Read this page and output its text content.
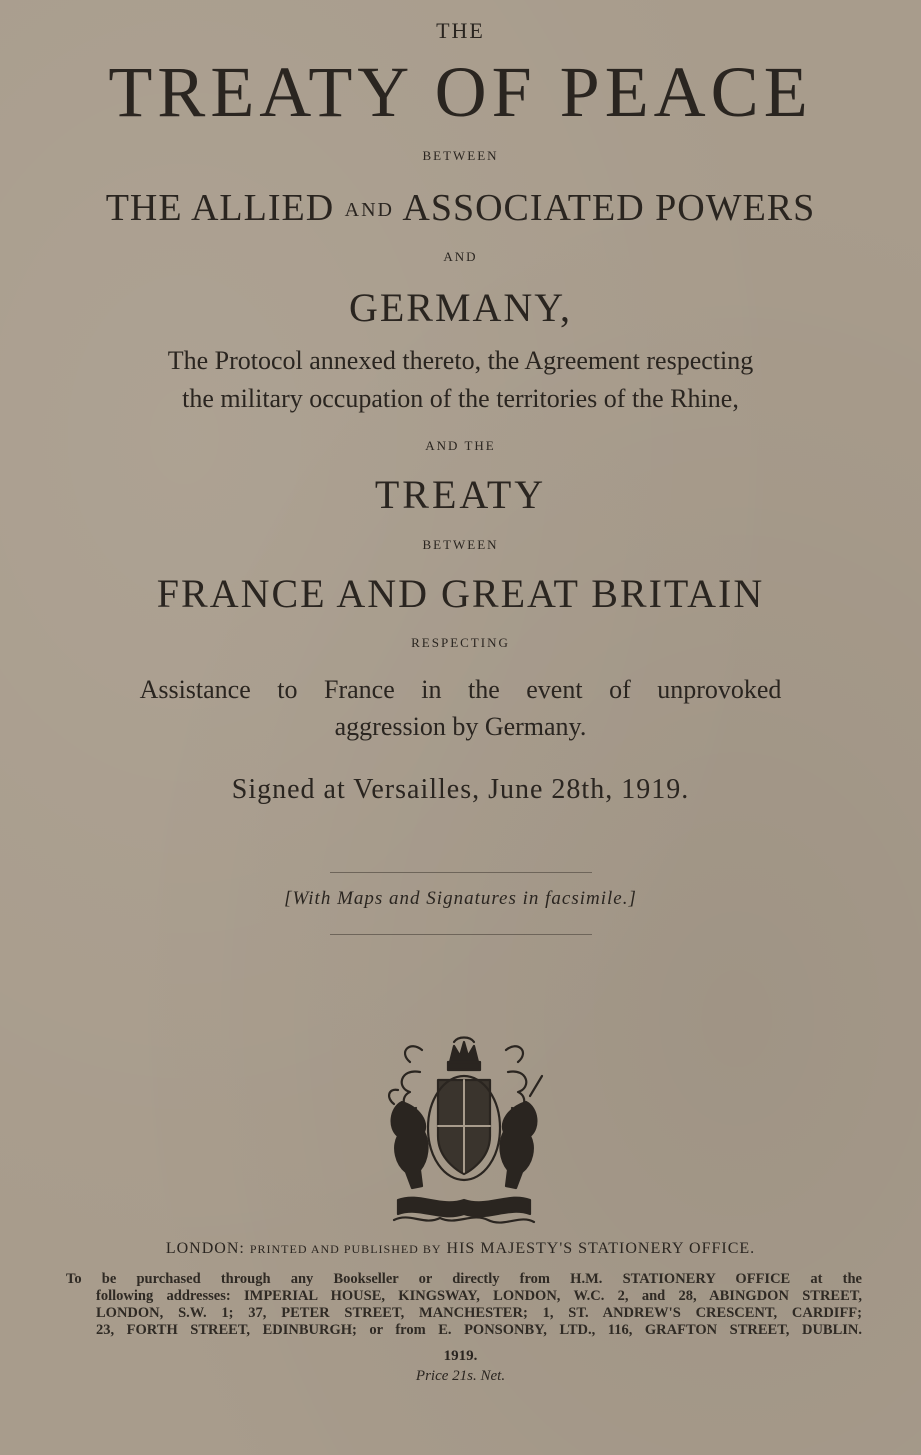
THE
TREATY OF PEACE
BETWEEN
THE ALLIED AND ASSOCIATED POWERS
AND
GERMANY,
The Protocol annexed thereto, the Agreement respecting
the military occupation of the territories of the Rhine,
AND THE
TREATY
BETWEEN
FRANCE AND GREAT BRITAIN
RESPECTING
Assistance to France in the event of unprovoked
aggression by Germany.
Signed at Versailles, June 28th, 1919.
[With Maps and Signatures in facsimile.]
LONDON: PRINTED AND PUBLISHED BY HIS MAJESTY'S STATIONERY OFFICE.

To be purchased through any Bookseller or directly from H.M. STATIONERY OFFICE at the

following addresses: IMPERIAL HOUSE, KINGSWAY, LONDON, W.C. 2, and 28, ABINGDON STREET,

LONDON, S.W. 1; 37, PETER STREET, MANCHESTER; 1, ST. ANDREW'S CRESCENT, CARDIFF;

23, FORTH STREET, EDINBURGH; or from E. PONSONBY, LTD., 116, GRAFTON STREET, DUBLIN.

1919.
Price 21s. Net.
